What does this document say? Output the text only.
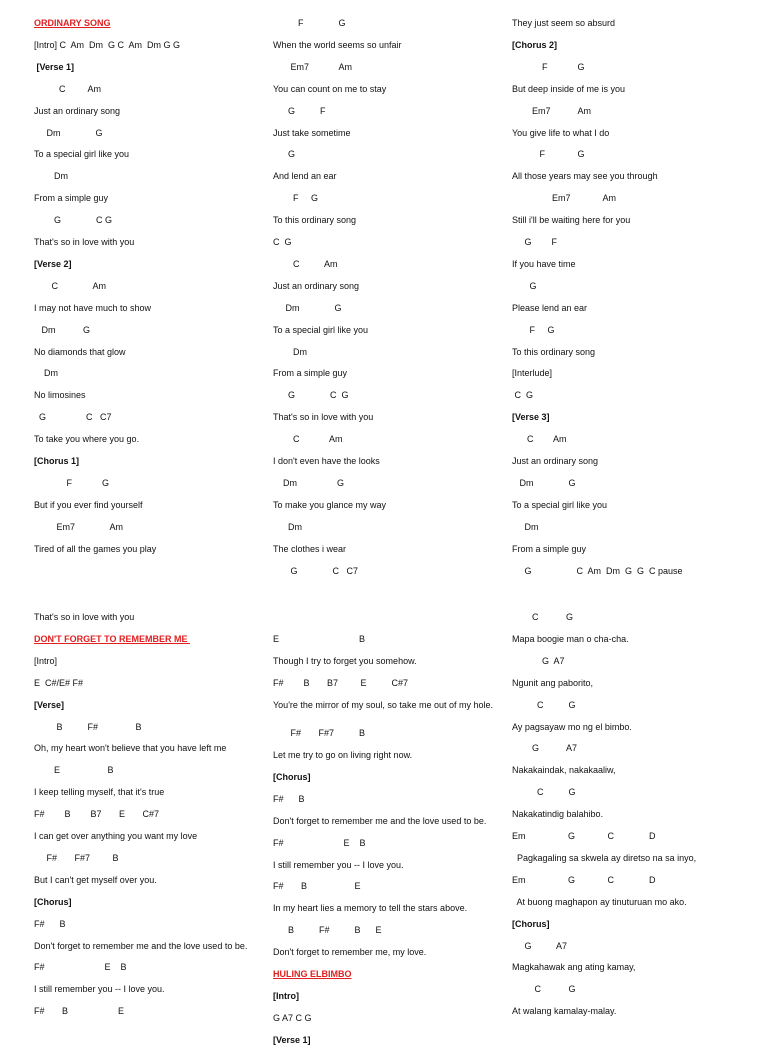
ORDINARY SONG
[Intro] C  Am  Dm  G C  Am  Dm G G
[Verse 1]
C         Am
Just an ordinary song
Dm              G
To a special girl like you
Dm
From a simple guy
G              C G
That's so in love with you
[Verse 2]
C              Am
I may not have much to show
Dm           G
No diamonds that glow
Dm
No limosines
G                C   C7
To take you where you go.
[Chorus 1]
F            G
But if you ever find yourself
Em7              Am
Tired of all the games you play
F              G
When the world seems so unfair
Em7            Am
You can count on me to stay
G          F
Just take sometime
G
And lend an ear
F     G
To this ordinary song
C  G
C          Am
Just an ordinary song
Dm              G
To a special girl like you
Dm
From a simple guy
G              C  G
That's so in love with you
C            Am
I don't even have the looks
Dm                G
To make you glance my way
Dm
The clothes i wear
G              C   C7
They just seem so absurd
[Chorus 2]
F            G
But deep inside of me is you
Em7           Am
You give life to what I do
F             G
All those years may see you through
Em7             Am
Still i'll be waiting here for you
G        F
If you have time
G
Please lend an ear
F     G
To this ordinary song
[Interlude]
C  G
[Verse 3]
C        Am
Just an ordinary song
Dm              G
To a special girl like you
Dm
From a simple guy
G                  C  Am  Dm  G  G  C pause
That's so in love with you
DON'T FORGET TO REMEMBER ME
[Intro]
E  C#/E# F#
[Verse]
B          F#               B
Oh, my heart won't believe that you have left me
E                   B
I keep telling myself, that it's true
F#        B        B7       E       C#7
I can get over anything you want my love
F#       F#7         B
But I can't get myself over you.
[Chorus]
F#      B
Don't forget to remember me and the love used to be.
F#                        E    B
I still remember you -- I love you.
F#       B                    E
E                                B
Though I try to forget you somehow.
F#        B       B7         E          C#7
You're the mirror of my soul, so take me out of my hole.
F#       F#7          B
Let me try to go on living right now.
[Chorus]
F#      B
Don't forget to remember me and the love used to be.
F#                        E    B
I still remember you -- I love you.
F#       B                   E
In my heart lies a memory to tell the stars above.
B          F#          B      E
Don't forget to remember me, my love.
HULING ELBIMBO
[Intro]
G A7 C G
[Verse 1]
C           G
Mapa boogie man o cha-cha.
G  A7
Ngunit ang paborito,
C          G
Ay pagsayaw mo ng el bimbo.
G           A7
Nakakaindak, nakakaaliw,
C          G
Nakakatindig balahibo.
Em                 G             C              D
Pagkagaling sa skwela ay diretso na sa inyo,
Em                 G             C              D
At buong maghapon ay tinuturuan mo ako.
[Chorus]
G          A7
Magkahawak ang ating kamay,
C           G
At walang kamalay-malay.
